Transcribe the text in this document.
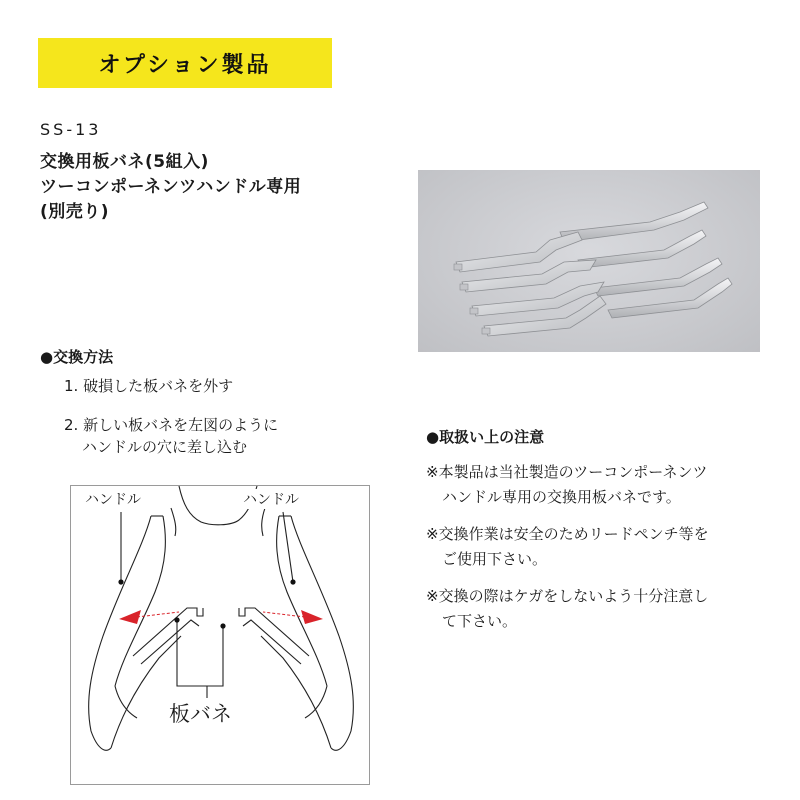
オプション製品
SS-13
交換用板バネ(5組入)
ツーコンポーネンツハンドル専用
(別売り)
●交換方法
1. 破損した板バネを外す
2. 新しい板バネを左図のように
ハンドルの穴に差し込む
●取扱い上の注意
※本製品は当社製造のツーコンポーネンツ
ハンドル専用の交換用板バネです。
※交換作業は安全のためリードペンチ等を
ご使用下さい。
※交換の際はケガをしないよう十分注意し
て下さい。
ハンドル	ハンドル
板バネ
